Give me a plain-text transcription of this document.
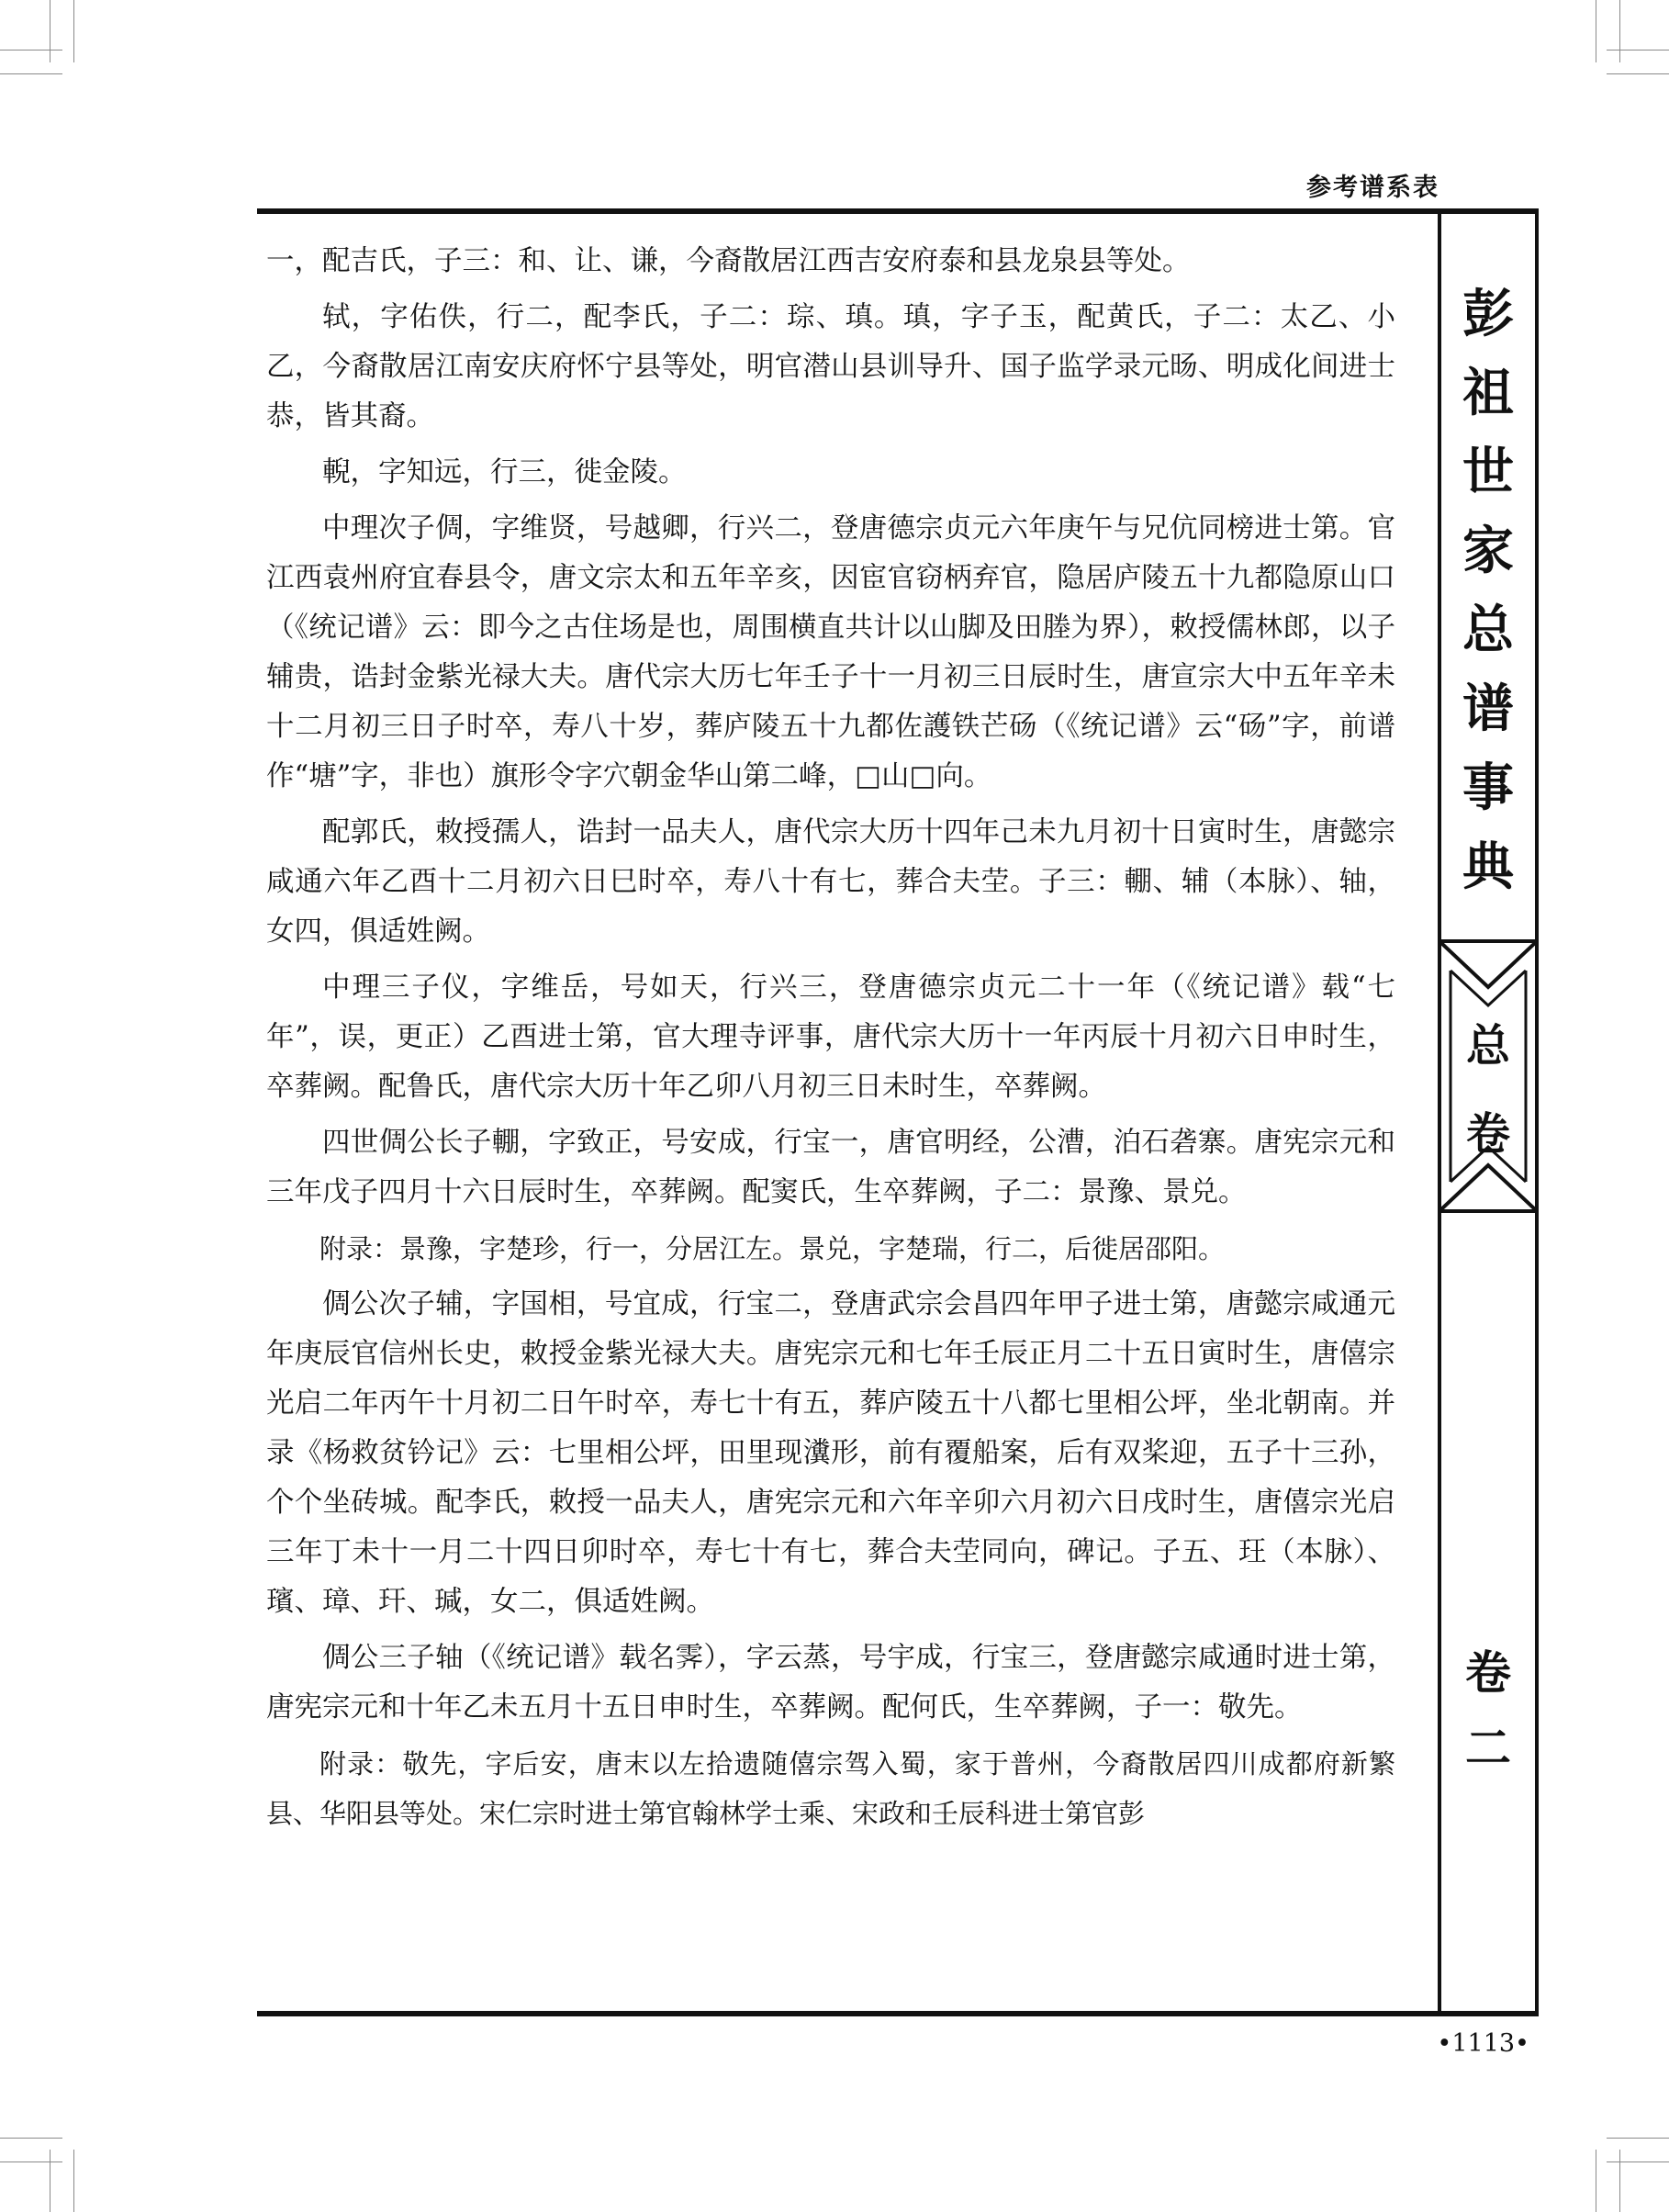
参考谱系表

一，配吉氏，子三：和、让、谦，今裔散居江西吉安府泰和县龙泉县等处。

轼，字佑佚，行二，配李氏，子二：琮、瑱。瑱，字子玉，配黄氏，子二：太乙、小乙，今裔散居江南安庆府怀宁县等处，明官潜山县训导升、国子监学录元旸、明成化间进士恭，皆其裔。

輗，字知远，行三，徙金陵。

中理次子倜，字维贤，号越卿，行兴二，登唐德宗贞元六年庚午与兄伉同榜进士第。官江西袁州府宜春县令，唐文宗太和五年辛亥，因宦官窃柄弃官，隐居庐陵五十九都隐原山口（《统记谱》云：即今之古住场是也，周围横直共计以山脚及田塍为界），敕授儒林郎，以子辅贵，诰封金紫光禄大夫。唐代宗大历七年壬子十一月初三日辰时生，唐宣宗大中五年辛未十二月初三日子时卒，寿八十岁，葬庐陵五十九都佐護铁芒砀（《统记谱》云“砀”字，前谱作“塘”字，非也）旗形令字穴朝金华山第二峰，□山□向。

配郭氏，敕授孺人，诰封一品夫人，唐代宗大历十四年己未九月初十日寅时生，唐懿宗咸通六年乙酉十二月初六日巳时卒，寿八十有七，葬合夫茔。子三：輣、辅（本脉）、轴，女四，俱适姓阙。

中理三子仪，字维岳，号如天，行兴三，登唐德宗贞元二十一年（《统记谱》载“七年”，误，更正）乙酉进士第，官大理寺评事，唐代宗大历十一年丙辰十月初六日申时生，卒葬阙。配鲁氏，唐代宗大历十年乙卯八月初三日未时生，卒葬阙。

四世倜公长子輣，字致正，号安成，行宝一，唐官明经，公漕，泊石砻寨。唐宪宗元和三年戊子四月十六日辰时生，卒葬阙。配窦氏，生卒葬阙，子二：景豫、景兑。

附录：景豫，字楚珍，行一，分居江左。景兑，字楚瑞，行二，后徙居邵阳。

倜公次子辅，字国相，号宜成，行宝二，登唐武宗会昌四年甲子进士第，唐懿宗咸通元年庚辰官信州长史，敕授金紫光禄大夫。唐宪宗元和七年壬辰正月二十五日寅时生，唐僖宗光启二年丙午十月初二日午时卒，寿七十有五，葬庐陵五十八都七里相公坪，坐北朝南。并录《杨救贫钤记》云：七里相公坪，田里现瀵形，前有覆船案，后有双桨迎，五子十三孙，个个坐砖城。配李氏，敕授一品夫人，唐宪宗元和六年辛卯六月初六日戌时生，唐僖宗光启三年丁未十一月二十四日卯时卒，寿七十有七，葬合夫茔同向，碑记。子五、玨（本脉）、璸、璋、玕、瑊，女二，俱适姓阙。

倜公三子轴（《统记谱》载名霁），字云蒸，号宇成，行宝三，登唐懿宗咸通时进士第，唐宪宗元和十年乙未五月十五日申时生，卒葬阙。配何氏，生卒葬阙，子一：敬先。

附录：敬先，字后安，唐末以左拾遗随僖宗驾入蜀，家于普州，今裔散居四川成都府新繁县、华阳县等处。宋仁宗时进士第官翰林学士乘、宋政和壬辰科进士第官彭

彭
祖
世
家
总
谱
事
典
总
卷
卷
二
•1113•
